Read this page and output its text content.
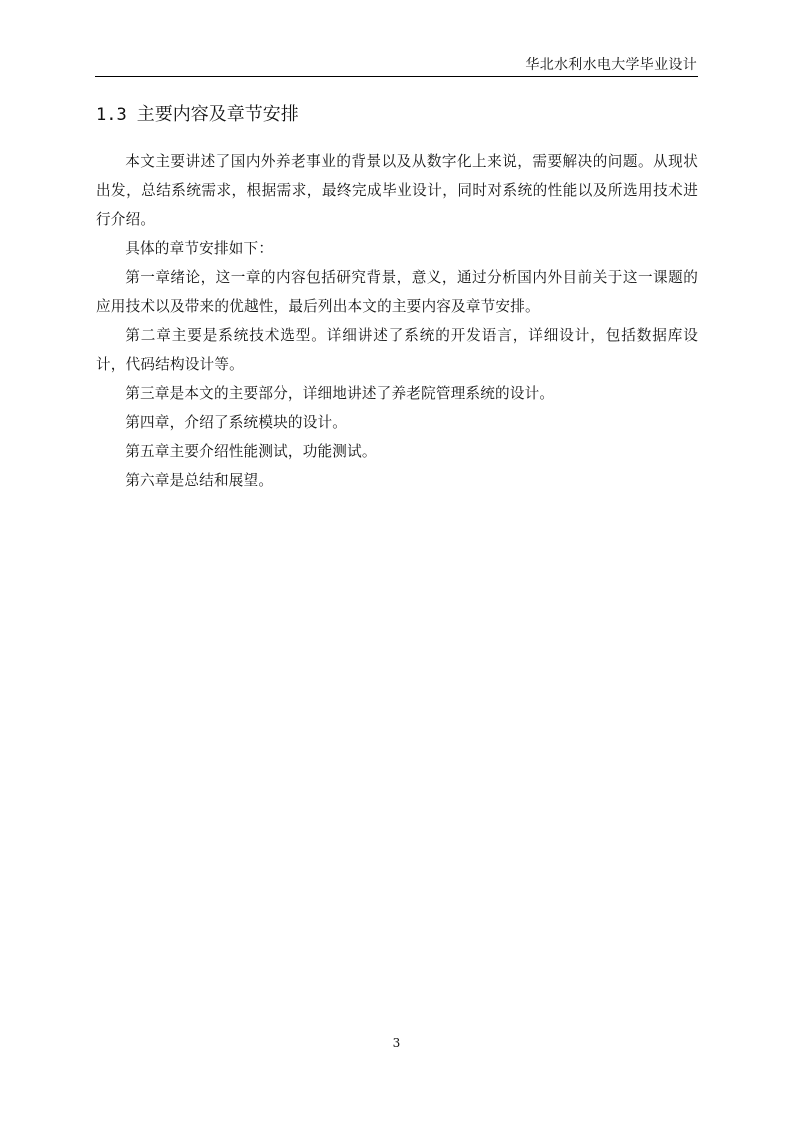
华北水利水电大学毕业设计
1.3 主要内容及章节安排

本文主要讲述了国内外养老事业的背景以及从数字化上来说，需要解决的问题。从现状出发，总结系统需求，根据需求，最终完成毕业设计，同时对系统的性能以及所选用技术进行介绍。

具体的章节安排如下：

第一章绪论，这一章的内容包括研究背景，意义，通过分析国内外目前关于这一课题的应用技术以及带来的优越性，最后列出本文的主要内容及章节安排。

第二章主要是系统技术选型。详细讲述了系统的开发语言，详细设计，包括数据库设计，代码结构设计等。

第三章是本文的主要部分，详细地讲述了养老院管理系统的设计。

第四章，介绍了系统模块的设计。

第五章主要介绍性能测试，功能测试。

第六章是总结和展望。

3
